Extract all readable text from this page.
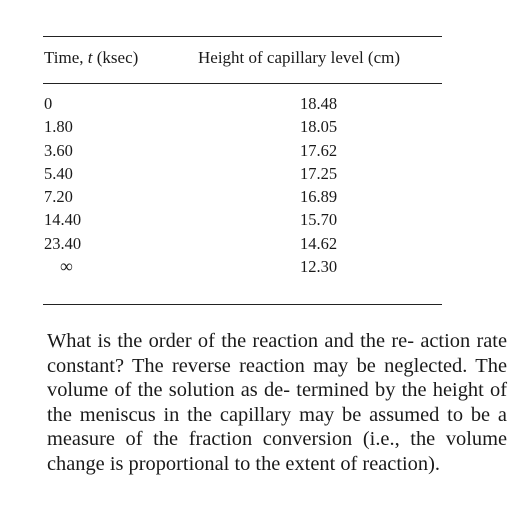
Time, t (ksec)	Height of capillary level (cm)
0
1.80
3.60
5.40
7.20
14.40
23.40
∞
18.48
18.05
17.62
17.25
16.89
15.70
14.62
12.30

What is the order of the reaction and the re- action rate constant? The reverse reaction may be neglected. The volume of the solution as de- termined by the height of the meniscus in the capillary may be assumed to be a measure of the fraction conversion (i.e., the volume change is proportional to the extent of reaction).
